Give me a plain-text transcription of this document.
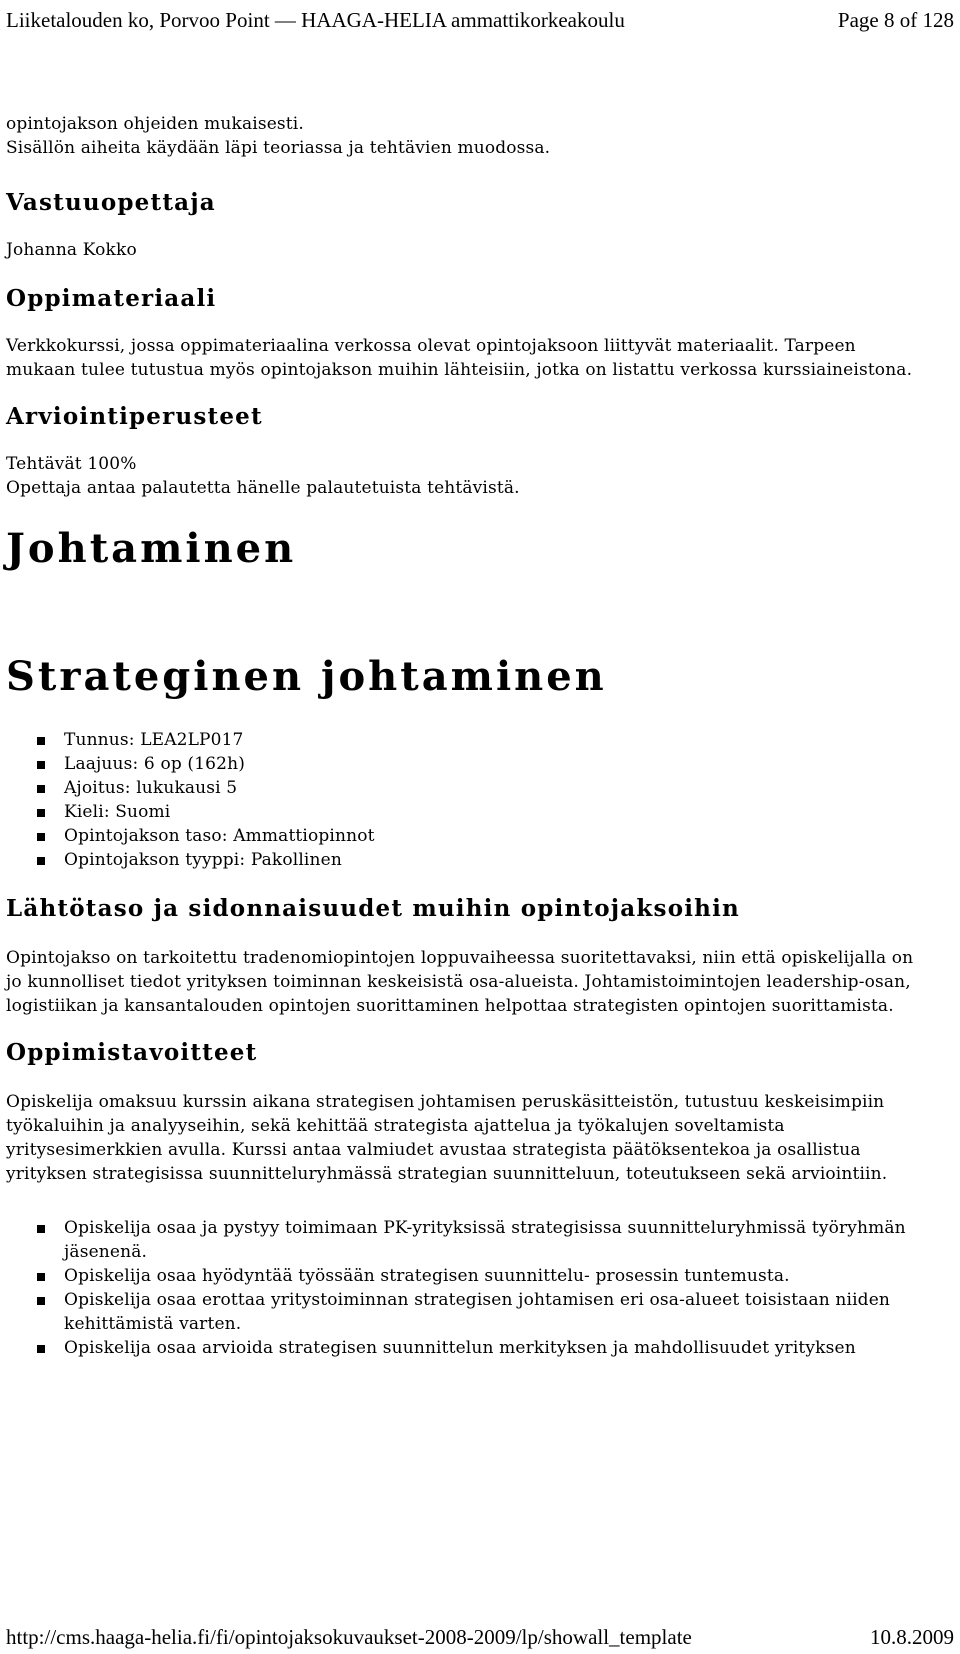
Liiketalouden ko, Porvoo Point — HAAGA-HELIA ammattikorkeakoulu	Page 8 of 128

opintojakson ohjeiden mukaisesti.

Sisällön aiheita käydään läpi teoriassa ja tehtävien muodossa.

Vastuuopettaja

Johanna Kokko

Oppimateriaali

Verkkokurssi, jossa oppimateriaalina verkossa olevat opintojaksoon liittyvät materiaalit. Tarpeen mukaan tulee tutustua myös opintojakson muihin lähteisiin, jotka on listattu verkossa kurssiaineistona.

Arviointiperusteet

Tehtävät 100%

Opettaja antaa palautetta hänelle palautetuista tehtävistä.

Johtaminen
Strateginen johtaminen
Tunnus: LEA2LP017
Laajuus: 6 op (162h)
Ajoitus: lukukausi 5
Kieli: Suomi
Opintojakson taso: Ammattiopinnot
Opintojakson tyyppi: Pakollinen
Lähtötaso ja sidonnaisuudet muihin opintojaksoihin

Opintojakso on tarkoitettu tradenomiopintojen loppuvaiheessa suoritettavaksi, niin että opiskelijalla on jo kunnolliset tiedot yrityksen toiminnan keskeisistä osa-alueista. Johtamistoimintojen leadership-osan, logistiikan ja kansantalouden opintojen suorittaminen helpottaa strategisten opintojen suorittamista.

Oppimistavoitteet

Opiskelija omaksuu kurssin aikana strategisen johtamisen peruskäsitteistön, tutustuu keskeisimpiin työkaluihin ja analyyseihin, sekä kehittää strategista ajattelua ja työkalujen soveltamista yritysesimerkkien avulla. Kurssi antaa valmiudet avustaa strategista päätöksentekoa ja osallistua yrityksen strategisissa suunnitteluryhmässä strategian suunnitteluun, toteutukseen sekä arviointiin.

Opiskelija osaa ja pystyy toimimaan PK-yrityksissä strategisissa suunnitteluryhmissä työryhmän jäsenenä.
Opiskelija osaa hyödyntää työssään strategisen suunnittelu- prosessin tuntemusta.
Opiskelija osaa erottaa yritystoiminnan strategisen johtamisen eri osa-alueet toisistaan niiden kehittämistä varten.
Opiskelija osaa arvioida strategisen suunnittelun merkityksen ja mahdollisuudet yrityksen
http://cms.haaga-helia.fi/fi/opintojaksokuvaukset-2008-2009/lp/showall_template	10.8.2009
